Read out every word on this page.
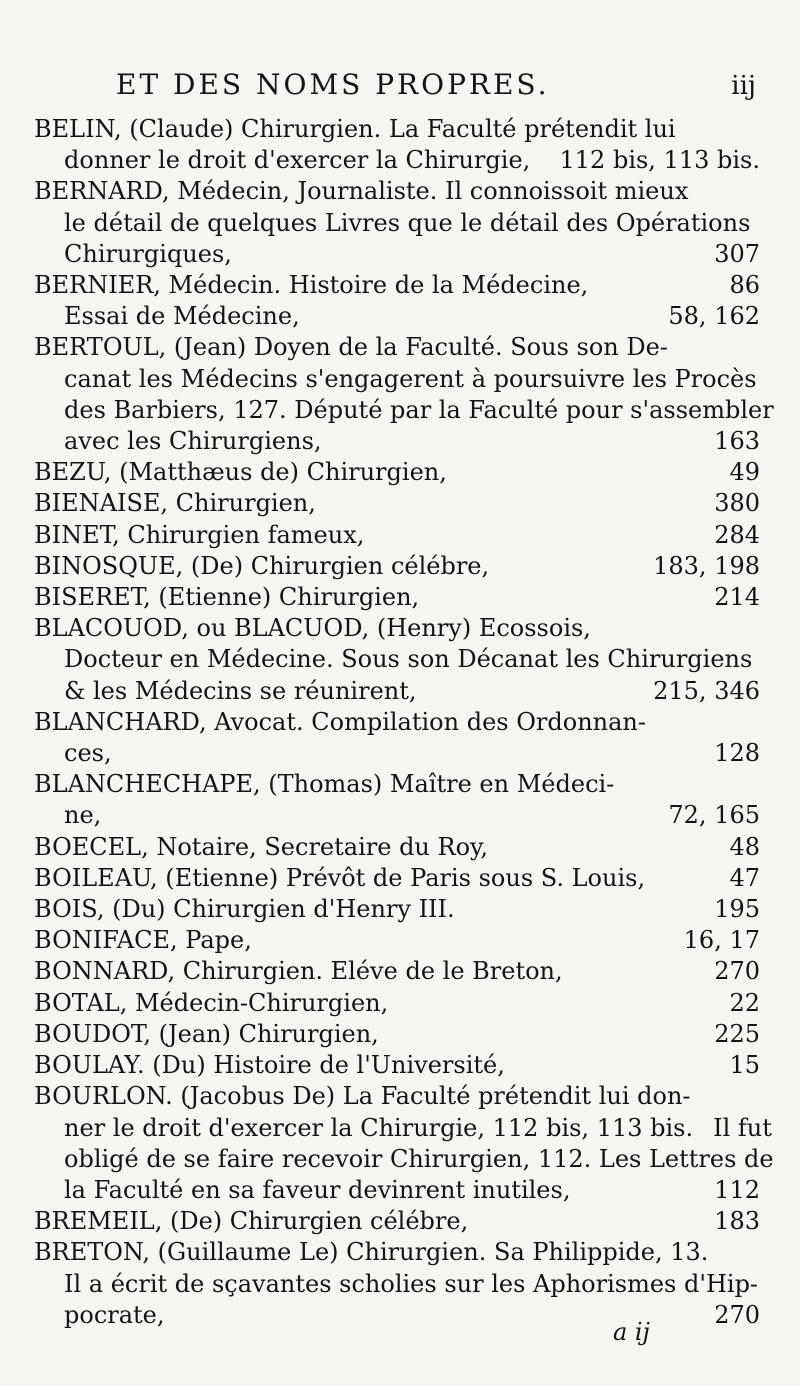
ET DES NOMS PROPRES.	iij
BELIN, (Claude) Chirurgien. La Faculté prétendit lui
donner le droit d'exercer la Chirurgie, 112 bis, 113 bis.
BERNARD, Médecin, Journaliste. Il connoissoit mieux
le détail de quelques Livres que le détail des Opérations
Chirurgiques,	307
BERNIER, Médecin. Histoire de la Médecine,	86
Essai de Médecine,	58, 162
BERTOUL, (Jean) Doyen de la Faculté. Sous son De-
canat les Médecins s'engagerent à poursuivre les Procès
des Barbiers, 127. Député par la Faculté pour s'assembler
avec les Chirurgiens,	163
BEZU, (Matthæus de) Chirurgien,	49
BIENAISE, Chirurgien,	380
BINET, Chirurgien fameux,	284
BINOSQUE, (De) Chirurgien célébre,	183, 198
BISERET, (Etienne) Chirurgien,	214
BLACOUOD, ou BLACUOD, (Henry) Ecossois,
Docteur en Médecine. Sous son Décanat les Chirurgiens
& les Médecins se réunirent,	215, 346
BLANCHARD, Avocat. Compilation des Ordonnan-
ces,	128
BLANCHECHAPE, (Thomas) Maître en Médeci-
ne,	72, 165
BOECEL, Notaire, Secretaire du Roy,	48
BOILEAU, (Etienne) Prévôt de Paris sous S. Louis,	47
BOIS, (Du) Chirurgien d'Henry III.	195
BONIFACE, Pape,	16, 17
BONNARD, Chirurgien. Eléve de le Breton,	270
BOTAL, Médecin-Chirurgien,	22
BOUDOT, (Jean) Chirurgien,	225
BOULAY. (Du) Histoire de l'Université,	15
BOURLON. (Jacobus De) La Faculté prétendit lui don-
ner le droit d'exercer la Chirurgie, 112 bis, 113 bis. Il fut
obligé de se faire recevoir Chirurgien, 112. Les Lettres de
la Faculté en sa faveur devinrent inutiles,	112
BREMEIL, (De) Chirurgien célébre,	183
BRETON, (Guillaume Le) Chirurgien. Sa Philippide, 13.
Il a écrit de sçavantes scholies sur les Aphorismes d'Hip-
pocrate,	270
a ij
